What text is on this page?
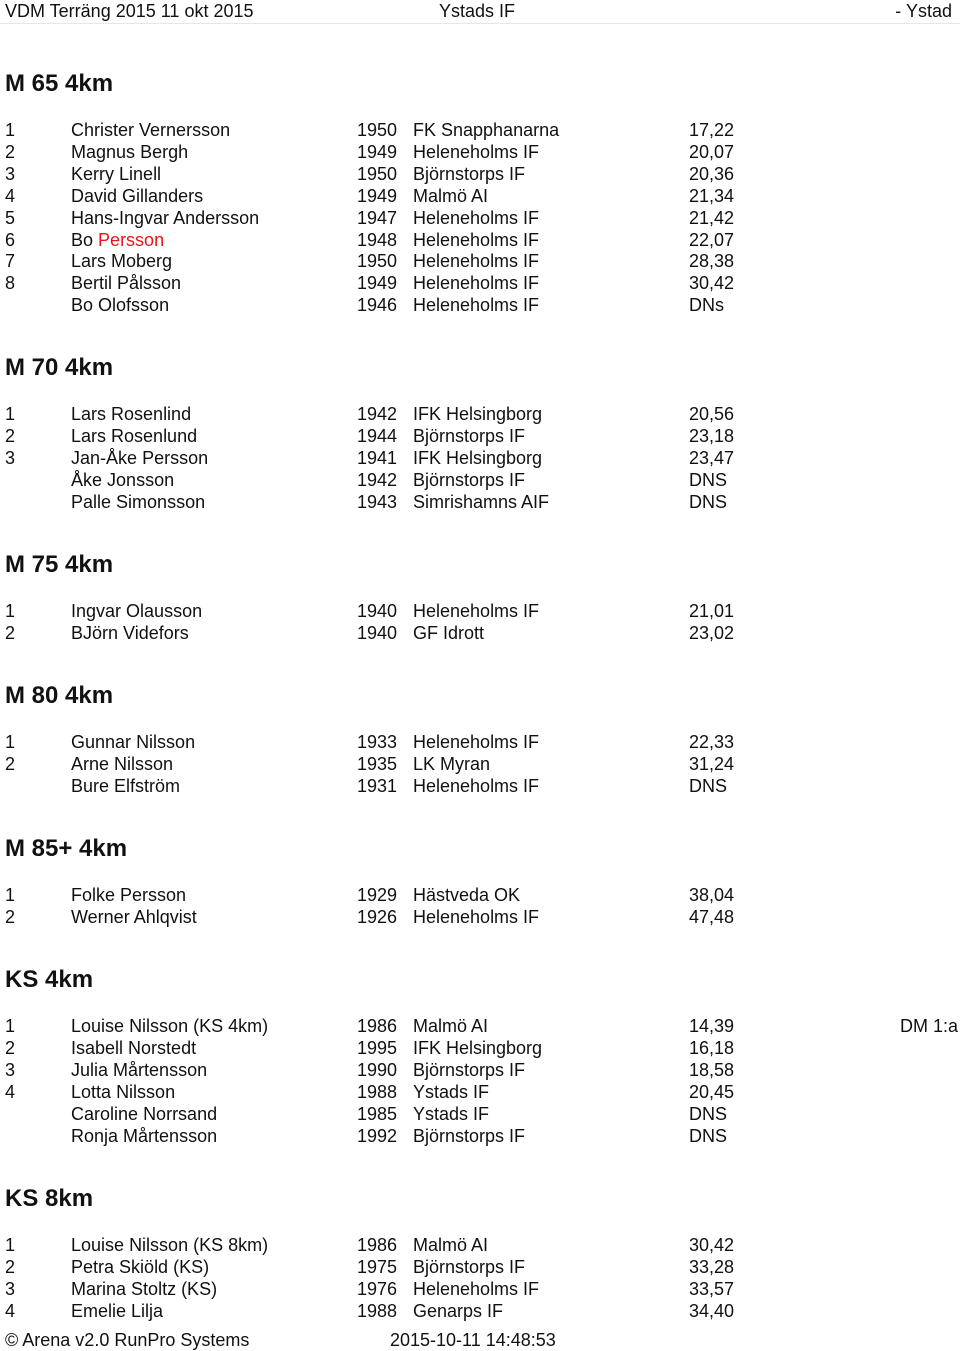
VDM Terräng 2015 11 okt 2015	Ystads IF	- Ystad
M 65 4km
1	Christer Vernersson	1950 FK Snapphanarna	17,22
2	Magnus Bergh	1949 Heleneholms IF	20,07
3	Kerry Linell	1950 Björnstorps IF	20,36
4	David Gillanders	1949 Malmö AI	21,34
5	Hans-Ingvar Andersson	1947 Heleneholms IF	21,42
6	Bo Persson	1948 Heleneholms IF	22,07
7	Lars Moberg	1950 Heleneholms IF	28,38
8	Bertil Pålsson	1949 Heleneholms IF	30,42
Bo Olofsson	1946 Heleneholms IF	DNs
M 70 4km
1	Lars Rosenlind	1942 IFK Helsingborg	20,56
2	Lars Rosenlund	1944 Björnstorps IF	23,18
3	Jan-Åke Persson	1941 IFK Helsingborg	23,47
Åke Jonsson	1942 Björnstorps IF	DNS
Palle Simonsson	1943 Simrishamns AIF	DNS
M 75 4km
1	Ingvar Olausson	1940 Heleneholms IF	21,01
2	BJörn Videfors	1940 GF Idrott	23,02
M 80 4km
1	Gunnar Nilsson	1933 Heleneholms IF	22,33
2	Arne Nilsson	1935 LK Myran	31,24
Bure Elfström	1931 Heleneholms IF	DNS
M 85+ 4km
1	Folke Persson	1929 Hästveda OK	38,04
2	Werner Ahlqvist	1926 Heleneholms IF	47,48
KS 4km
1	Louise Nilsson (KS 4km)	1986 Malmö AI	14,39	DM 1:a
2	Isabell Norstedt	1995 IFK Helsingborg	16,18
3	Julia Mårtensson	1990 Björnstorps IF	18,58
4	Lotta Nilsson	1988 Ystads IF	20,45
Caroline Norrsand	1985 Ystads IF	DNS
Ronja Mårtensson	1992 Björnstorps IF	DNS
KS 8km
1	Louise Nilsson (KS 8km)	1986 Malmö AI	30,42
2	Petra Skiöld (KS)	1975 Björnstorps IF	33,28
3	Marina Stoltz (KS)	1976 Heleneholms IF	33,57
4	Emelie Lilja	1988 Genarps IF	34,40
© Arena v2.0 RunPro Systems	2015-10-11 14:48:53
